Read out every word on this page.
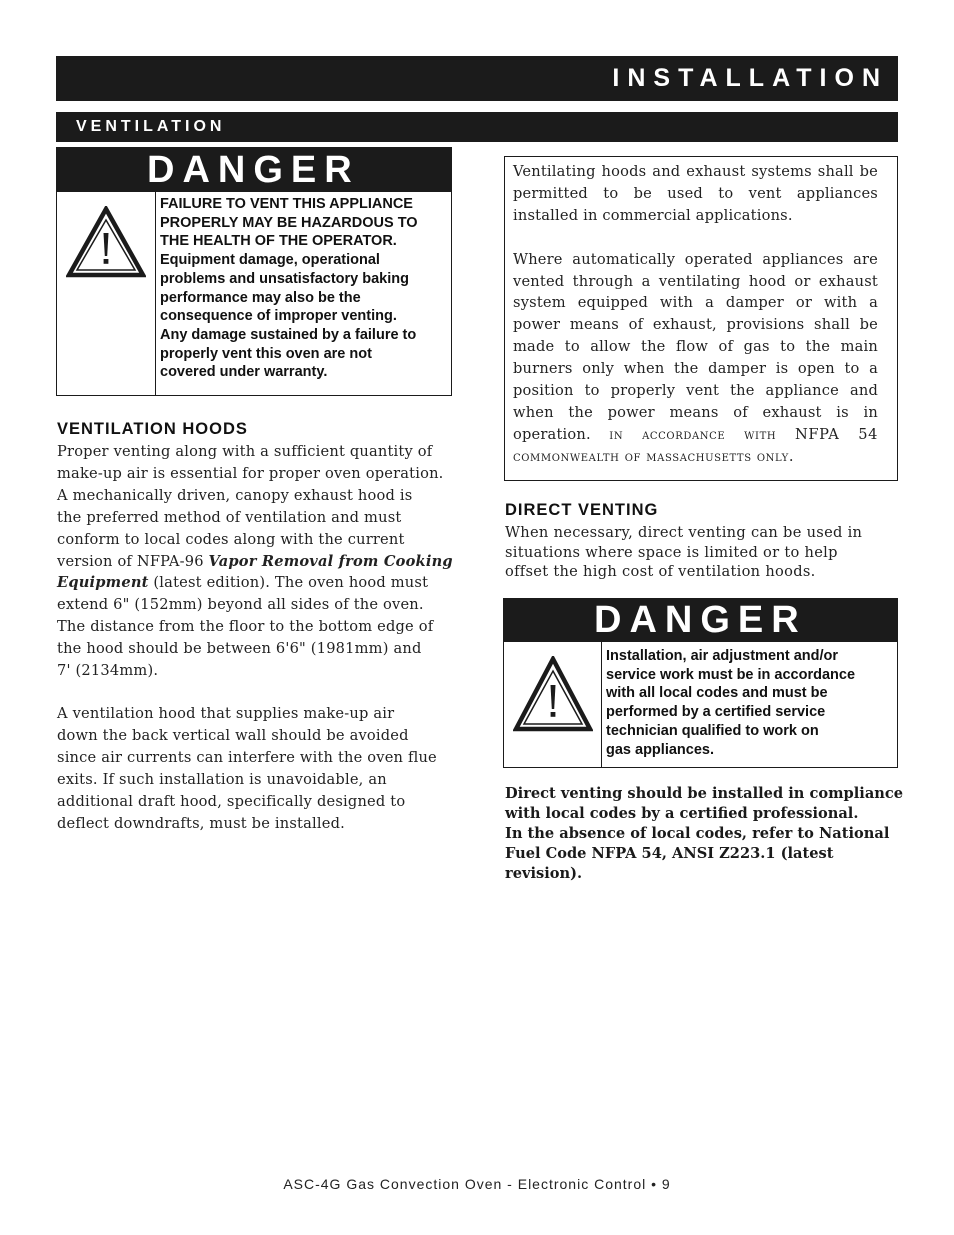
INSTALLATION
VENTILATION
DANGER
FAILURE TO VENT THIS APPLIANCE
PROPERLY MAY BE HAZARDOUS TO
THE HEALTH OF THE OPERATOR.
Equipment damage, operational
problems and unsatisfactory baking
performance may also be the
consequence of improper venting.
Any damage sustained by a failure to
properly vent this oven are not
covered under warranty.
VENTILATION HOODS
Proper venting along with a sufficient quantity of
make-up air is essential for proper oven operation.
A mechanically driven, canopy exhaust hood is
the preferred method of ventilation and must
conform to local codes along with the current
version of NFPA-96 Vapor Removal from Cooking
Equipment (latest edition). The oven hood must
extend 6" (152mm) beyond all sides of the oven.
The distance from the floor to the bottom edge of
the hood should be between 6'6" (1981mm) and
7' (2134mm).
A ventilation hood that supplies make-up air
down the back vertical wall should be avoided
since air currents can interfere with the oven flue
exits. If such installation is unavoidable, an
additional draft hood, specifically designed to
deflect downdrafts, must be installed.

Ventilating hoods and exhaust systems shall be permitted to be used to vent appliances installed in commercial applications.

Where automatically operated appliances are vented through a ventilating hood or exhaust system equipped with a damper or with a power means of exhaust, provisions shall be made to allow the flow of gas to the main burners only when the damper is open to a position to properly vent the appliance and when the power means of exhaust is in operation. in accordance with NFPA 54 commonwealth of massachusetts only.

DIRECT VENTING
When necessary, direct venting can be used in
situations where space is limited or to help
offset the high cost of ventilation hoods.
DANGER
Installation, air adjustment and/or
service work must be in accordance
with all local codes and must be
performed by a certified service
technician qualified to work on
gas appliances.
Direct venting should be installed in compliance
with local codes by a certified professional.
In the absence of local codes, refer to National
Fuel Code NFPA 54, ANSI Z223.1 (latest revision).
ASC-4G Gas Convection Oven - Electronic Control • 9
